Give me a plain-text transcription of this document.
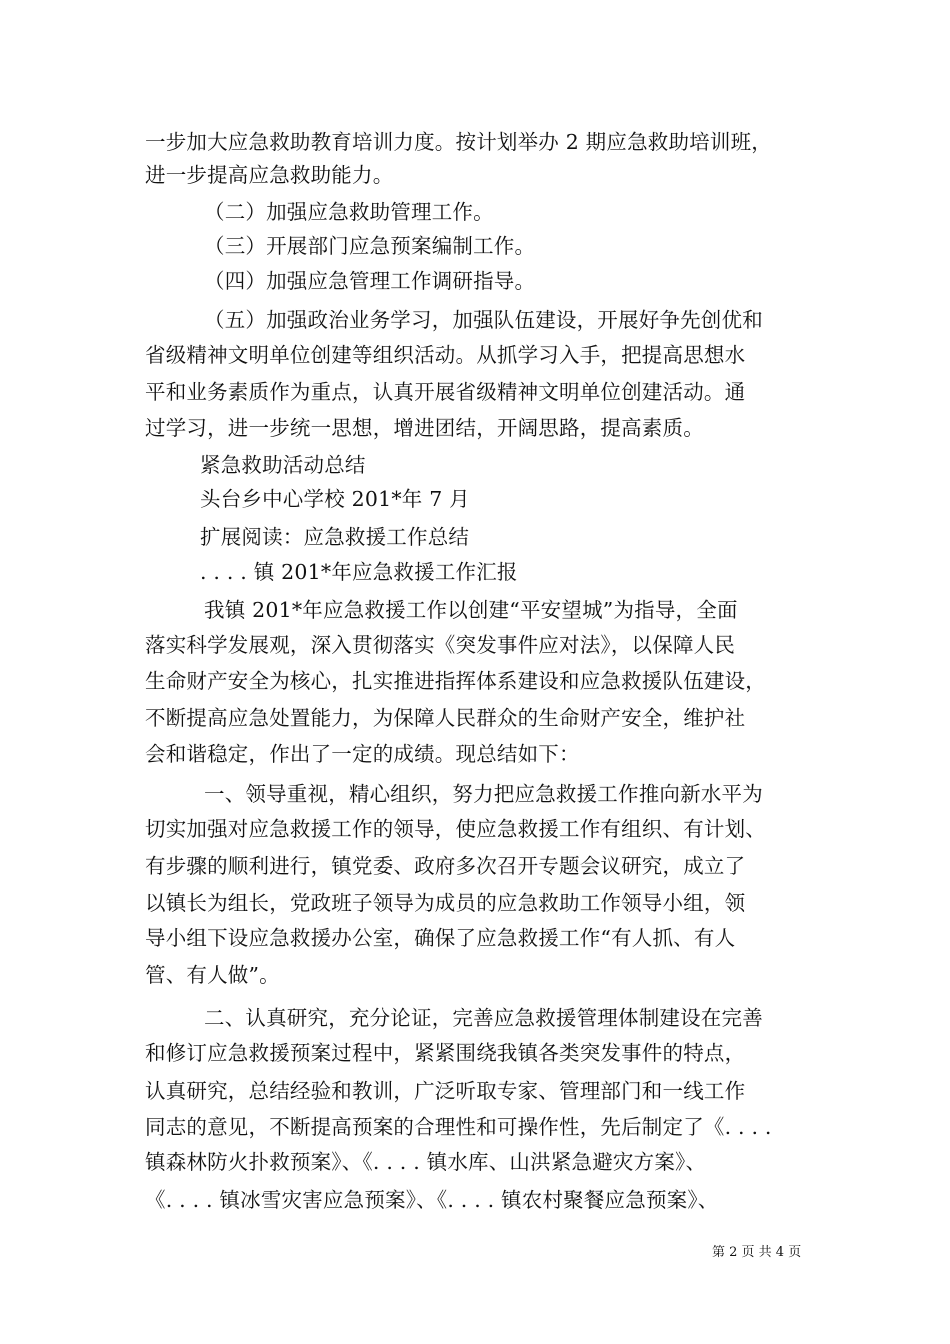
一步加大应急救助教育培训力度。按计划举办 2 期应急救助培训班，
进一步提高应急救助能力。
（二）加强应急救助管理工作。
（三）开展部门应急预案编制工作。
（四）加强应急管理工作调研指导。
（五）加强政治业务学习，加强队伍建设，开展好争先创优和
省级精神文明单位创建等组织活动。从抓学习入手，把提高思想水
平和业务素质作为重点，认真开展省级精神文明单位创建活动。通
过学习，进一步统一思想，增进团结，开阔思路，提高素质。
紧急救助活动总结
头台乡中心学校 201*年 7 月
扩展阅读：应急救援工作总结
. . . . 镇 201*年应急救援工作汇报
我镇 201*年应急救援工作以创建“平安望城”为指导，全面
落实科学发展观，深入贯彻落实《突发事件应对法》，以保障人民
生命财产安全为核心，扎实推进指挥体系建设和应急救援队伍建设，
不断提高应急处置能力，为保障人民群众的生命财产安全，维护社
会和谐稳定，作出了一定的成绩。现总结如下：
一、领导重视，精心组织，努力把应急救援工作推向新水平为
切实加强对应急救援工作的领导，使应急救援工作有组织、有计划、
有步骤的顺利进行，镇党委、政府多次召开专题会议研究，成立了
以镇长为组长，党政班子领导为成员的应急救助工作领导小组，领
导小组下设应急救援办公室，确保了应急救援工作“有人抓、有人
管、有人做”。
二、认真研究，充分论证，完善应急救援管理体制建设在完善
和修订应急救援预案过程中，紧紧围绕我镇各类突发事件的特点，
认真研究，总结经验和教训，广泛听取专家、管理部门和一线工作
同志的意见，不断提高预案的合理性和可操作性，先后制定了《. . . .
镇森林防火扑救预案》、《. . . . 镇水库、山洪紧急避灾方案》、
《. . . . 镇冰雪灾害应急预案》、《. . . . 镇农村聚餐应急预案》、
第 2 页 共 4 页
